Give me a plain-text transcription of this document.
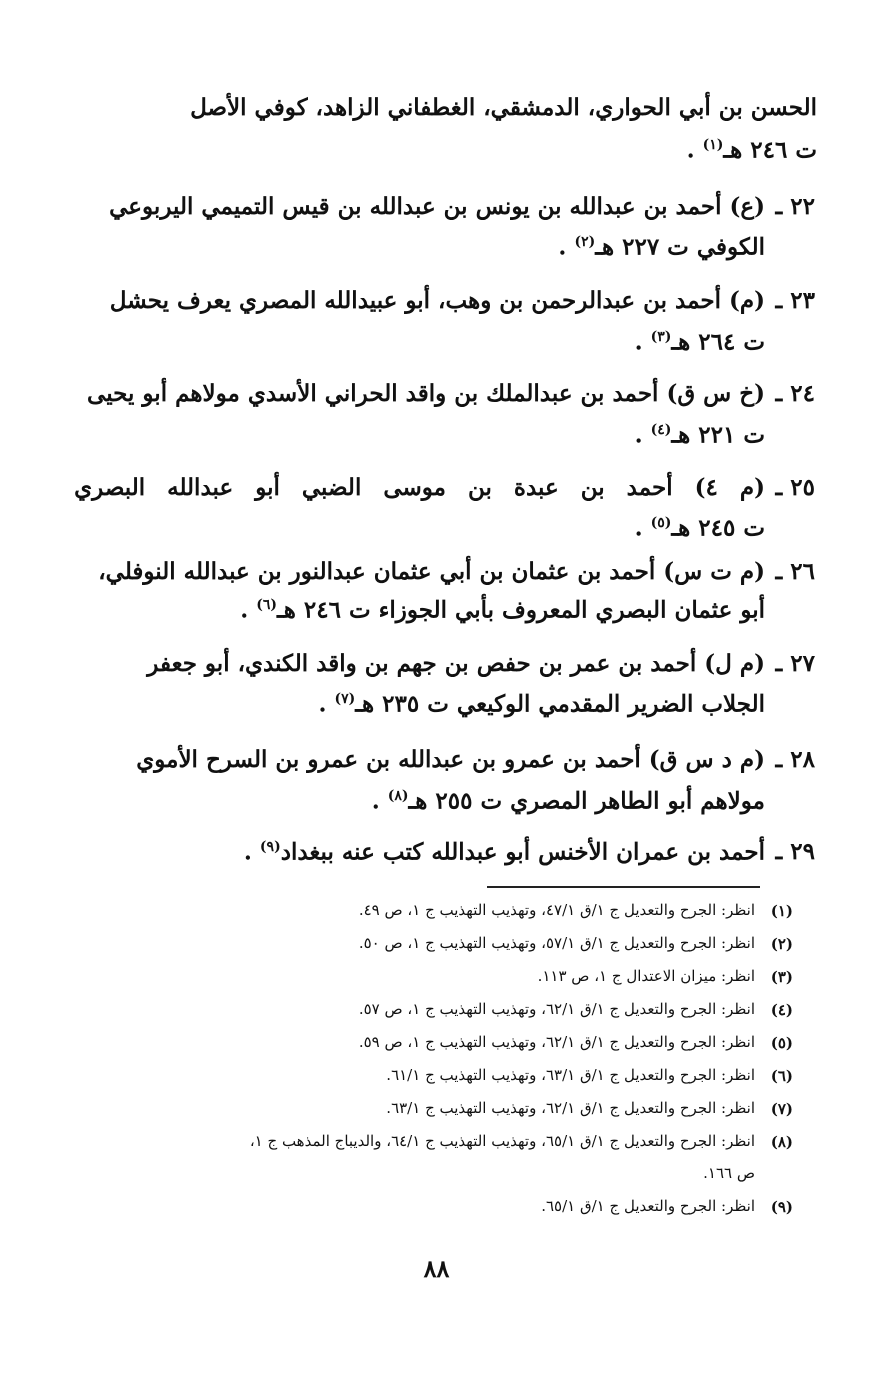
الحسن بن أبي الحواري، الدمشقي، الغطفاني الزاهد، كوفي الأصل
ت ٢٤٦ هـ$^{(١)}$ .
٢٢ ـ
(ع) أحمد بن عبدالله بن يونس بن عبدالله بن قيس التميمي اليربوعي
الكوفي ت ٢٢٧ هـ$^{(٢)}$ .
٢٣ ـ
(م) أحمد بن عبدالرحمن بن وهب، أبو عبيدالله المصري يعرف يحشل
ت ٢٦٤ هـ$^{(٣)}$ .
٢٤ ـ
(خ س ق) أحمد بن عبدالملك بن واقد الحراني الأسدي مولاهم أبو يحيى
ت ٢٢١ هـ$^{(٤)}$ .
٢٥ ـ
(م ٤) أحمد بن عبدة بن موسى الضبي أبو عبدالله البصري
ت ٢٤٥ هـ$^{(٥)}$ .
٢٦ ـ
(م ت س) أحمد بن عثمان بن أبي عثمان عبدالنور بن عبدالله النوفلي،
أبو عثمان البصري المعروف بأبي الجوزاء ت ٢٤٦ هـ$^{(٦)}$ .
٢٧ ـ
(م ل) أحمد بن عمر بن حفص بن جهم بن واقد الكندي، أبو جعفر
الجلاب الضرير المقدمي الوكيعي ت ٢٣٥ هـ$^{(٧)}$ .
٢٨ ـ
(م د س ق) أحمد بن عمرو بن عبدالله بن عمرو بن السرح الأموي
مولاهم أبو الطاهر المصري ت ٢٥٥ هـ$^{(٨)}$ .
٢٩ ـ
أحمد بن عمران الأخنس أبو عبدالله كتب عنه ببغداد$^{(٩)}$ .
(١)
انظر: الجرح والتعديل ج ١/ق ٤٧/١، وتهذيب التهذيب ج ١، ص ٤٩.
(٢)
انظر: الجرح والتعديل ج ١/ق ٥٧/١، وتهذيب التهذيب ج ١، ص ٥٠.
(٣)
انظر: ميزان الاعتدال ج ١، ص ١١٣.
(٤)
انظر: الجرح والتعديل ج ١/ق ٦٢/١، وتهذيب التهذيب ج ١، ص ٥٧.
(٥)
انظر: الجرح والتعديل ج ١/ق ٦٢/١، وتهذيب التهذيب ج ١، ص ٥٩.
(٦)
انظر: الجرح والتعديل ج ١/ق ٦٣/١، وتهذيب التهذيب ج ٦١/١.
(٧)
انظر: الجرح والتعديل ج ١/ق ٦٢/١، وتهذيب التهذيب ج ٦٣/١.
(٨)
انظر: الجرح والتعديل ج ١/ق ٦٥/١، وتهذيب التهذيب ج ٦٤/١، والديباج المذهب ج ١،
ص ١٦٦.
(٩)
انظر: الجرح والتعديل ج ١/ق ٦٥/١.
٨٨
